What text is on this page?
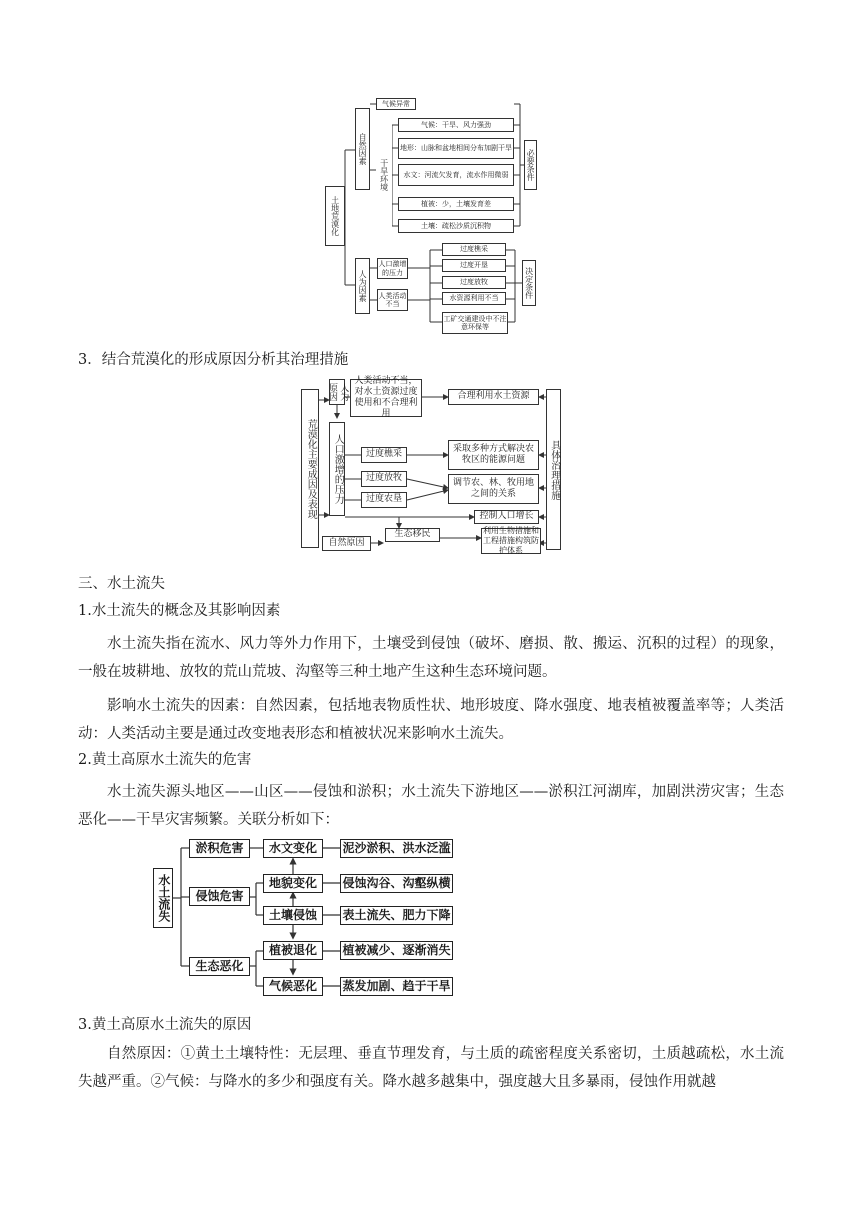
土地荒漠化
自然因素
气候异常
干旱环境
气候：干旱、风力强劲
地形：山脉和盆地相间分布加剧干旱
水文：河流欠发育，流水作用微弱
植被：少，土壤发育差
土壤：疏松沙质沉积物
必要条件
人为因素
人口激增的压力
人类活动不当
过度樵采
过度开垦
过度放牧
水资源利用不当
工矿交通建设中不注意环保等
决定条件
3．结合荒漠化的形成原因分析其治理措施
荒漠化主要成因及表现
人为原因
人类活动不当，对水土资源过度使用和不合理利用
合理利用水土资源
人口激增的压力	过度樵采
过度放牧
过度农垦
采取多种方式解决农牧区的能源问题
调节农、林、牧用地之间的关系
控制人口增长
生态移民
自然原因
利用生物措施和工程措施构筑防护体系
具体治理措施
三、水土流失
1.水土流失的概念及其影响因素
水土流失指在流水、风力等外力作用下，土壤受到侵蚀（破坏、磨损、散、搬运、沉积的过程）的现象，一般在坡耕地、放牧的荒山荒坡、沟壑等三种土地产生这种生态环境问题。
影响水土流失的因素：自然因素，包括地表物质性状、地形坡度、降水强度、地表植被覆盖率等；人类活动：人类活动主要是通过改变地表形态和植被状况来影响水土流失。
2.黄土高原水土流失的危害
水土流失源头地区——山区——侵蚀和淤积；水土流失下游地区——淤积江河湖库，加剧洪涝灾害；生态恶化——干旱灾害频繁。关联分析如下：
水土流失
淤积危害
侵蚀危害
生态恶化
水文变化
地貌变化
土壤侵蚀
植被退化
气候恶化
泥沙淤积、洪水泛滥
侵蚀沟谷、沟壑纵横
表土流失、肥力下降
植被减少、逐渐消失
蒸发加剧、趋于干旱
3.黄土高原水土流失的原因
自然原因：①黄土土壤特性：无层理、垂直节理发育，与土质的疏密程度关系密切，土质越疏松，水土流失越严重。②气候：与降水的多少和强度有关。降水越多越集中，强度越大且多暴雨，侵蚀作用就越
